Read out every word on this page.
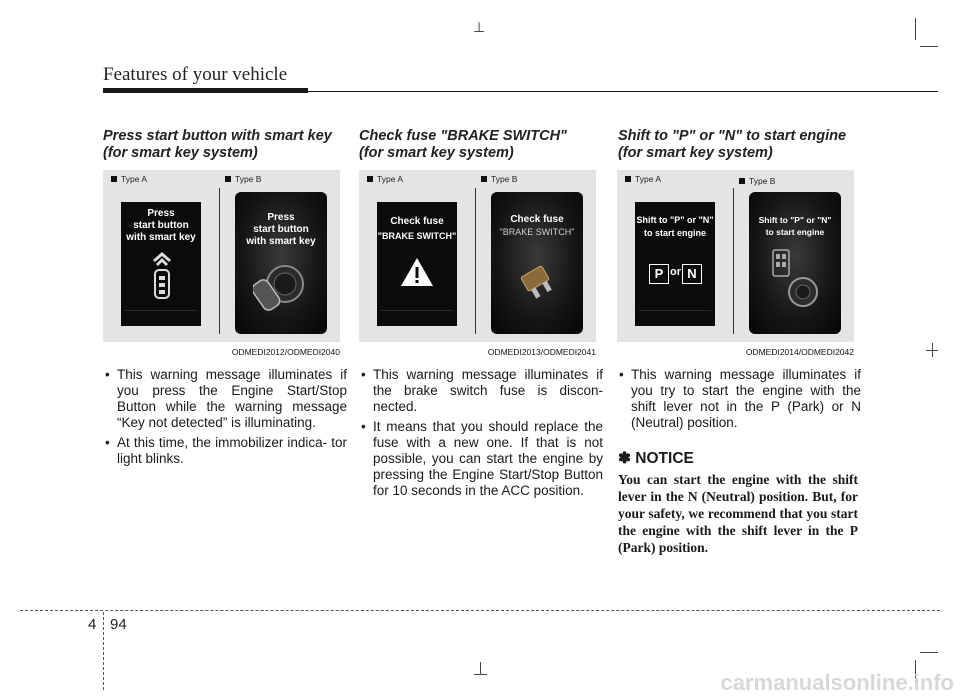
Features of your vehicle
⊥
Press start button with smart key
(for smart key system)
Type A	Type B
Press
start button
with smart key
Press
start button
with smart key
ODMEDI2012/ODMEDI2040
• This warning message illuminates if you press the Engine Start/Stop Button while the warning message “Key not detected” is illuminating.
• At this time, the immobilizer indica- tor light blinks.
Check fuse "BRAKE SWITCH"
(for smart key system)
Type A	Type B
Check fuse
"BRAKE SWITCH"
Check fuse
"BRAKE SWITCH"
ODMEDI2013/ODMEDI2041
• This warning message illuminates if the brake switch fuse is discon- nected.
• It means that you should replace the fuse with a new one. If that is not possible, you can start the engine by pressing the Engine Start/Stop Button for 10 seconds in the ACC position.
Shift to "P" or "N" to start engine
(for smart key system)
Type A	Type B
Shift to "P" or "N"
to start engine
P or N
Shift to "P" or "N"
to start engine
ODMEDI2014/ODMEDI2042
• This warning message illuminates if you try to start the engine with the shift lever not in the P (Park) or N (Neutral) position.
✽ NOTICE
You can start the engine with the shift lever in the N (Neutral) position. But, for your safety, we recommend that you start the engine with the shift lever in the P (Park) position.
4 94
carmanualsonline.info
